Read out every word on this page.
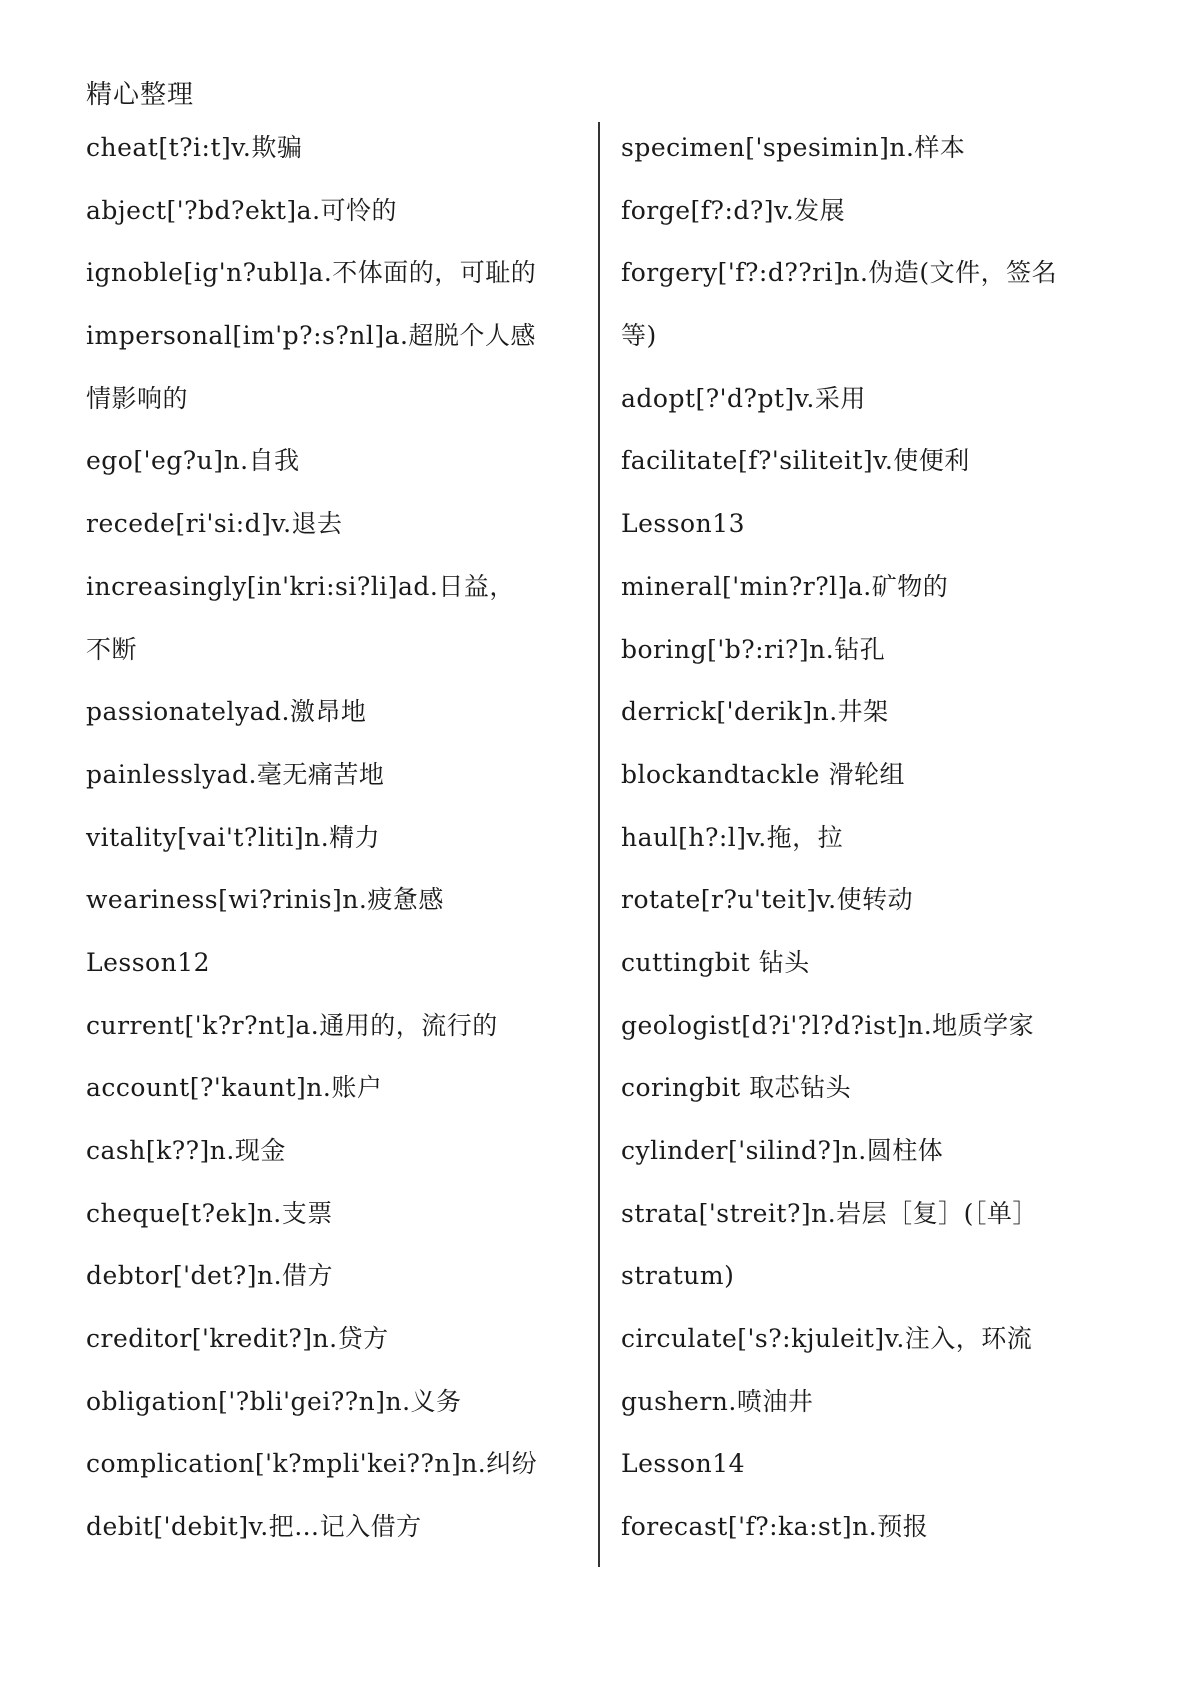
精心整理
cheat[t?i:t]v.欺骗
abject['?bd?ekt]a.可怜的
ignoble[ig'n?ubl]a.不体面的，可耻的
impersonal[im'p?:s?nl]a.超脱个人感
情影响的
ego['eg?u]n.自我
recede[ri'si:d]v.退去
increasingly[in'kri:si?li]ad.日益，
不断
passionatelyad.激昂地
painlesslyad.毫无痛苦地
vitality[vai't?liti]n.精力
weariness[wi?rinis]n.疲惫感
Lesson12
current['k?r?nt]a.通用的，流行的
account[?'kaunt]n.账户
cash[k??]n.现金
cheque[t?ek]n.支票
debtor['det?]n.借方
creditor['kredit?]n.贷方
obligation['?bli'gei??n]n.义务
complication['k?mpli'kei??n]n.纠纷
debit['debit]v.把…记入借方
specimen['spesimin]n.样本
forge[f?:d?]v.发展
forgery['f?:d??ri]n.伪造(文件，签名
等)
adopt[?'d?pt]v.采用
facilitate[f?'siliteit]v.使便利
Lesson13
mineral['min?r?l]a.矿物的
boring['b?:ri?]n.钻孔
derrick['derik]n.井架
blockandtackle 滑轮组
haul[h?:l]v.拖，拉
rotate[r?u'teit]v.使转动
cuttingbit 钻头
geologist[d?i'?l?d?ist]n.地质学家
coringbit 取芯钻头
cylinder['silind?]n.圆柱体
strata['streit?]n.岩层［复］(［单］
stratum)
circulate['s?:kjuleit]v.注入，环流
gushern.喷油井
Lesson14
forecast['f?:ka:st]n.预报
